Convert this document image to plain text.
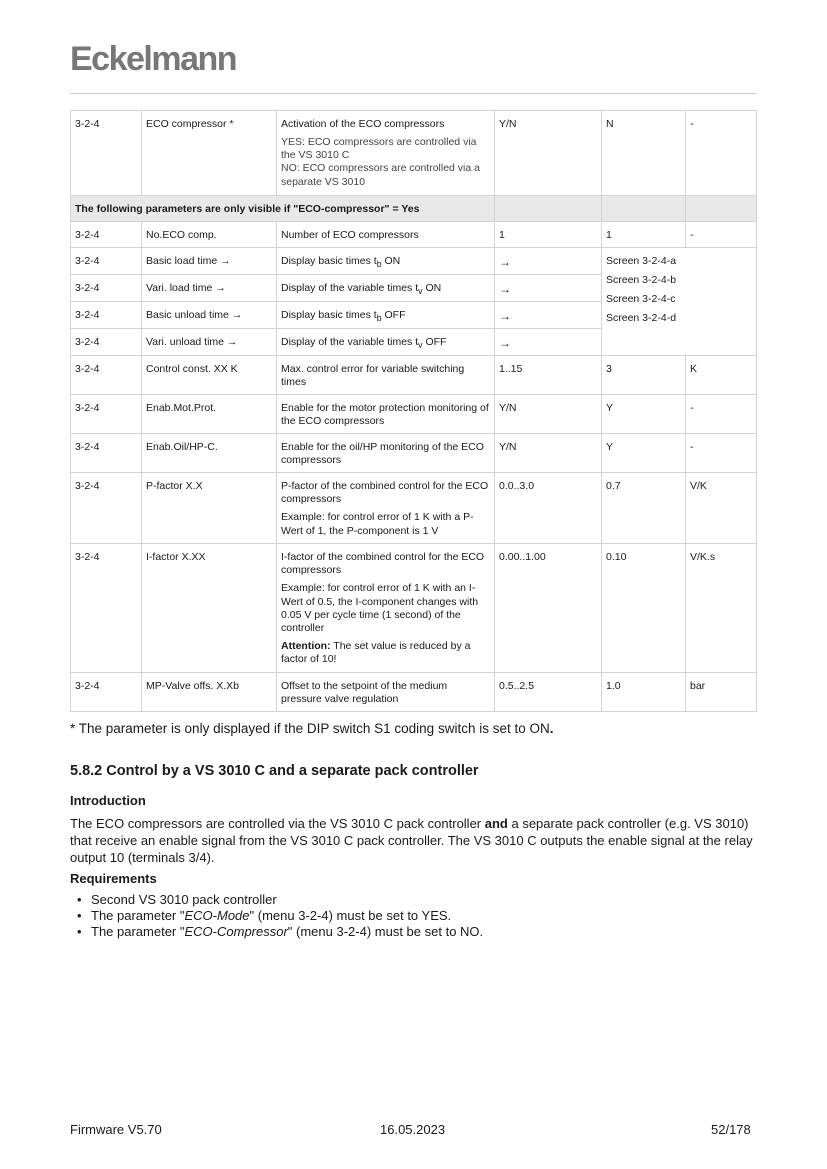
Eckelmann
3-2-4	ECO compressor *	Activation of the ECO compressors

YES: ECO compressors are controlled via the VS 3010 C

NO: ECO compressors are controlled via a separate VS 3010	Y/N	N	-
The following parameters are only visible if "ECO-compressor" = Yes					
3-2-4	No.ECO comp.	Number of ECO compressors	1	1	-
3-2-4	Basic load time →	Display basic times $t_b$ ON	→	Screen 3-2-4-a
Screen 3-2-4-b
Screen 3-2-4-c
Screen 3-2-4-d	

3-2-4	Vari. load time →	Display of the variable times $t_v$ ON	→		
3-2-4	Basic unload time →	Display basic times $t_b$ OFF	→		
3-2-4	Vari. unload time →	Display of the variable times $t_v$ OFF	→		
3-2-4	Control const. XX K	Max. control error for variable switching times	1..15	3	K
3-2-4	Enab.Mot.Prot.	Enable for the motor protection monitoring of the ECO compressors	Y/N	Y	-
3-2-4	Enab.Oil/HP-C.	Enable for the oil/HP monitoring of the ECO compressors	Y/N	Y	-
3-2-4	P-factor X.X	P-factor of the combined control for the ECO compressors

Example: for control error of 1 K with a P-Wert of 1, the P-component is 1 V	0.0..3.0	0.7	V/K
3-2-4	I-factor X.XX	I-factor of the combined control for the ECO compressors

Example: for control error of 1 K with an I-Wert of 0.5, the I-component changes with 0.05 V per cycle time (1 second) of the controller

Attention: The set value is reduced by a factor of 10!	0.00..1.00	0.10	V/K.s
3-2-4	MP-Valve offs. X.Xb	Offset to the setpoint of the medium pressure valve regulation	0.5..2.5	1.0	bar
* The parameter is only displayed if the DIP switch S1 coding switch is set to ON.
5.8.2 Control by a VS 3010 C and a separate pack controller
Introduction
The ECO compressors are controlled via the VS 3010 C pack controller and a separate pack controller (e.g. VS 3010) that receive an enable signal from the VS 3010 C pack controller. The VS 3010 C outputs the enable signal at the relay output 10 (terminals 3/4).
Requirements
• Second VS 3010 pack controller
• The parameter "ECO-Mode" (menu 3-2-4) must be set to YES.
• The parameter "ECO-Compressor" (menu 3-2-4) must be set to NO.
Firmware V5.70	16.05.2023	52/178
